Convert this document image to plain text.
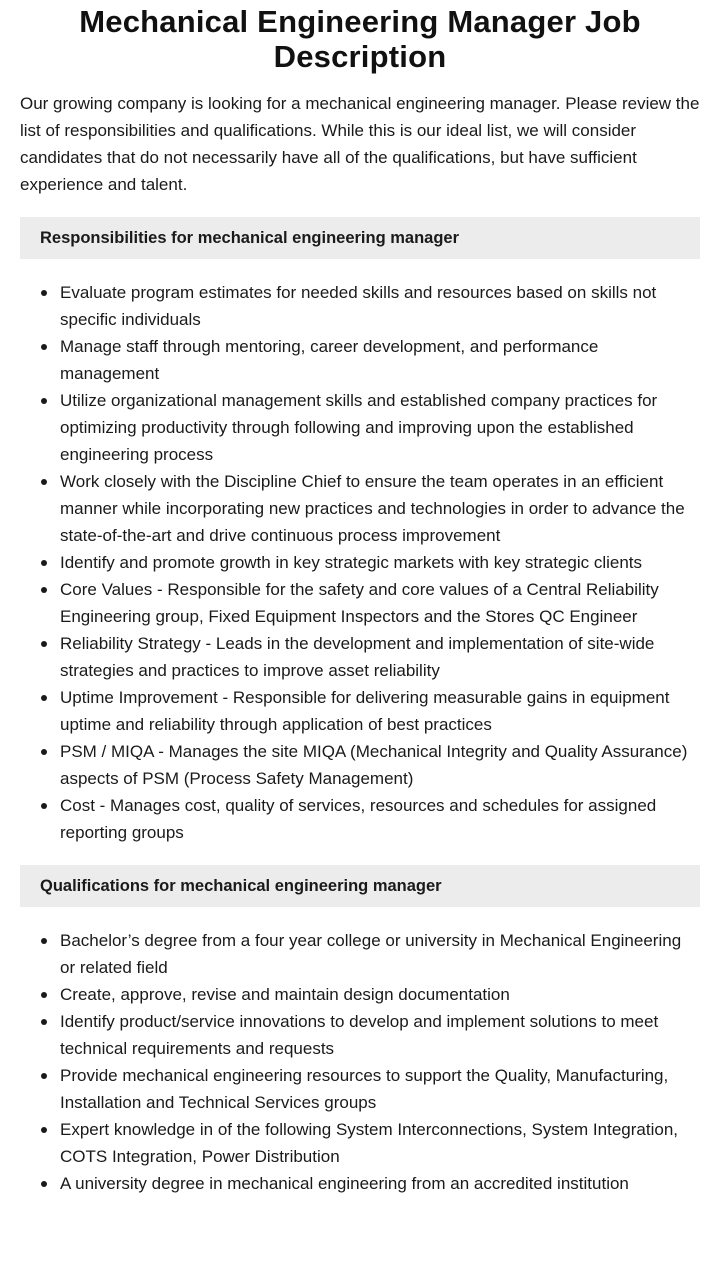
Mechanical Engineering Manager Job Description

Our growing company is looking for a mechanical engineering manager. Please review the list of responsibilities and qualifications. While this is our ideal list, we will consider candidates that do not necessarily have all of the qualifications, but have sufficient experience and talent.

Responsibilities for mechanical engineering manager
Evaluate program estimates for needed skills and resources based on skills not specific individuals
Manage staff through mentoring, career development, and performance management
Utilize organizational management skills and established company practices for optimizing productivity through following and improving upon the established engineering process
Work closely with the Discipline Chief to ensure the team operates in an efficient manner while incorporating new practices and technologies in order to advance the state-of-the-art and drive continuous process improvement
Identify and promote growth in key strategic markets with key strategic clients
Core Values - Responsible for the safety and core values of a Central Reliability Engineering group, Fixed Equipment Inspectors and the Stores QC Engineer
Reliability Strategy - Leads in the development and implementation of site-wide strategies and practices to improve asset reliability
Uptime Improvement - Responsible for delivering measurable gains in equipment uptime and reliability through application of best practices
PSM / MIQA - Manages the site MIQA (Mechanical Integrity and Quality Assurance) aspects of PSM (Process Safety Management)
Cost - Manages cost, quality of services, resources and schedules for assigned reporting groups
Qualifications for mechanical engineering manager
Bachelor’s degree from a four year college or university in Mechanical Engineering or related field
Create, approve, revise and maintain design documentation
Identify product/service innovations to develop and implement solutions to meet technical requirements and requests
Provide mechanical engineering resources to support the Quality, Manufacturing, Installation and Technical Services groups
Expert knowledge in of the following System Interconnections, System Integration, COTS Integration, Power Distribution
A university degree in mechanical engineering from an accredited institution
